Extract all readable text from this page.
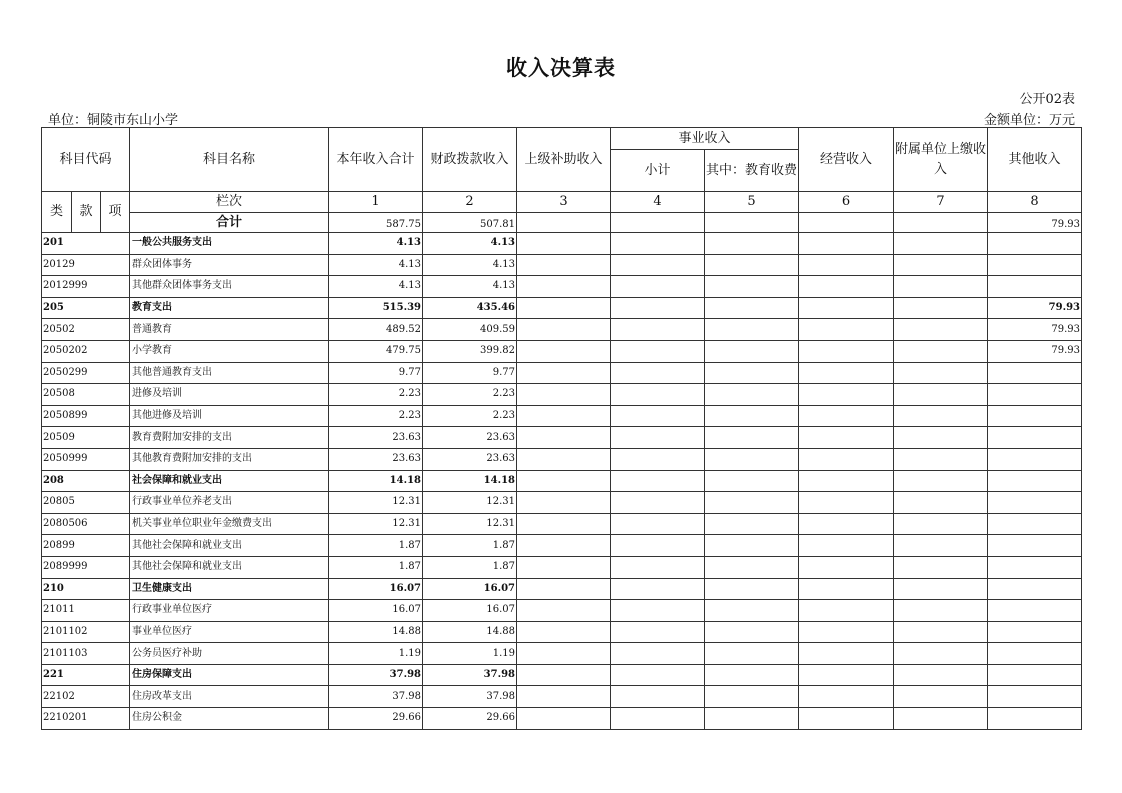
收入决算表
公开02表
单位：铜陵市东山小学	金额单位：万元
科目代码			科目名称	本年收入合计	财政拨款收入	上级补助收入	事业收入		经营收入	附属单位上缴收入	其他收入
							小计	其中：教育收费			

类	款	项	栏次	1	2	3	4	5	6	7	8
			合计	587.75	507.81						79.93
201			一般公共服务支出	4.13	4.13						
20129			群众团体事务	4.13	4.13						
2012999			其他群众团体事务支出	4.13	4.13						
205			教育支出	515.39	435.46						79.93
20502			普通教育	489.52	409.59						79.93
2050202			小学教育	479.75	399.82						79.93
2050299			其他普通教育支出	9.77	9.77						
20508			进修及培训	2.23	2.23						
2050899			其他进修及培训	2.23	2.23						
20509			教育费附加安排的支出	23.63	23.63						
2050999			其他教育费附加安排的支出	23.63	23.63						
208			社会保障和就业支出	14.18	14.18						
20805			行政事业单位养老支出	12.31	12.31						
2080506			机关事业单位职业年金缴费支出	12.31	12.31						
20899			其他社会保障和就业支出	1.87	1.87						
2089999			其他社会保障和就业支出	1.87	1.87						
210			卫生健康支出	16.07	16.07						
21011			行政事业单位医疗	16.07	16.07						
2101102			事业单位医疗	14.88	14.88						
2101103			公务员医疗补助	1.19	1.19						
221			住房保障支出	37.98	37.98						
22102			住房改革支出	37.98	37.98						
2210201			住房公积金	29.66	29.66						
